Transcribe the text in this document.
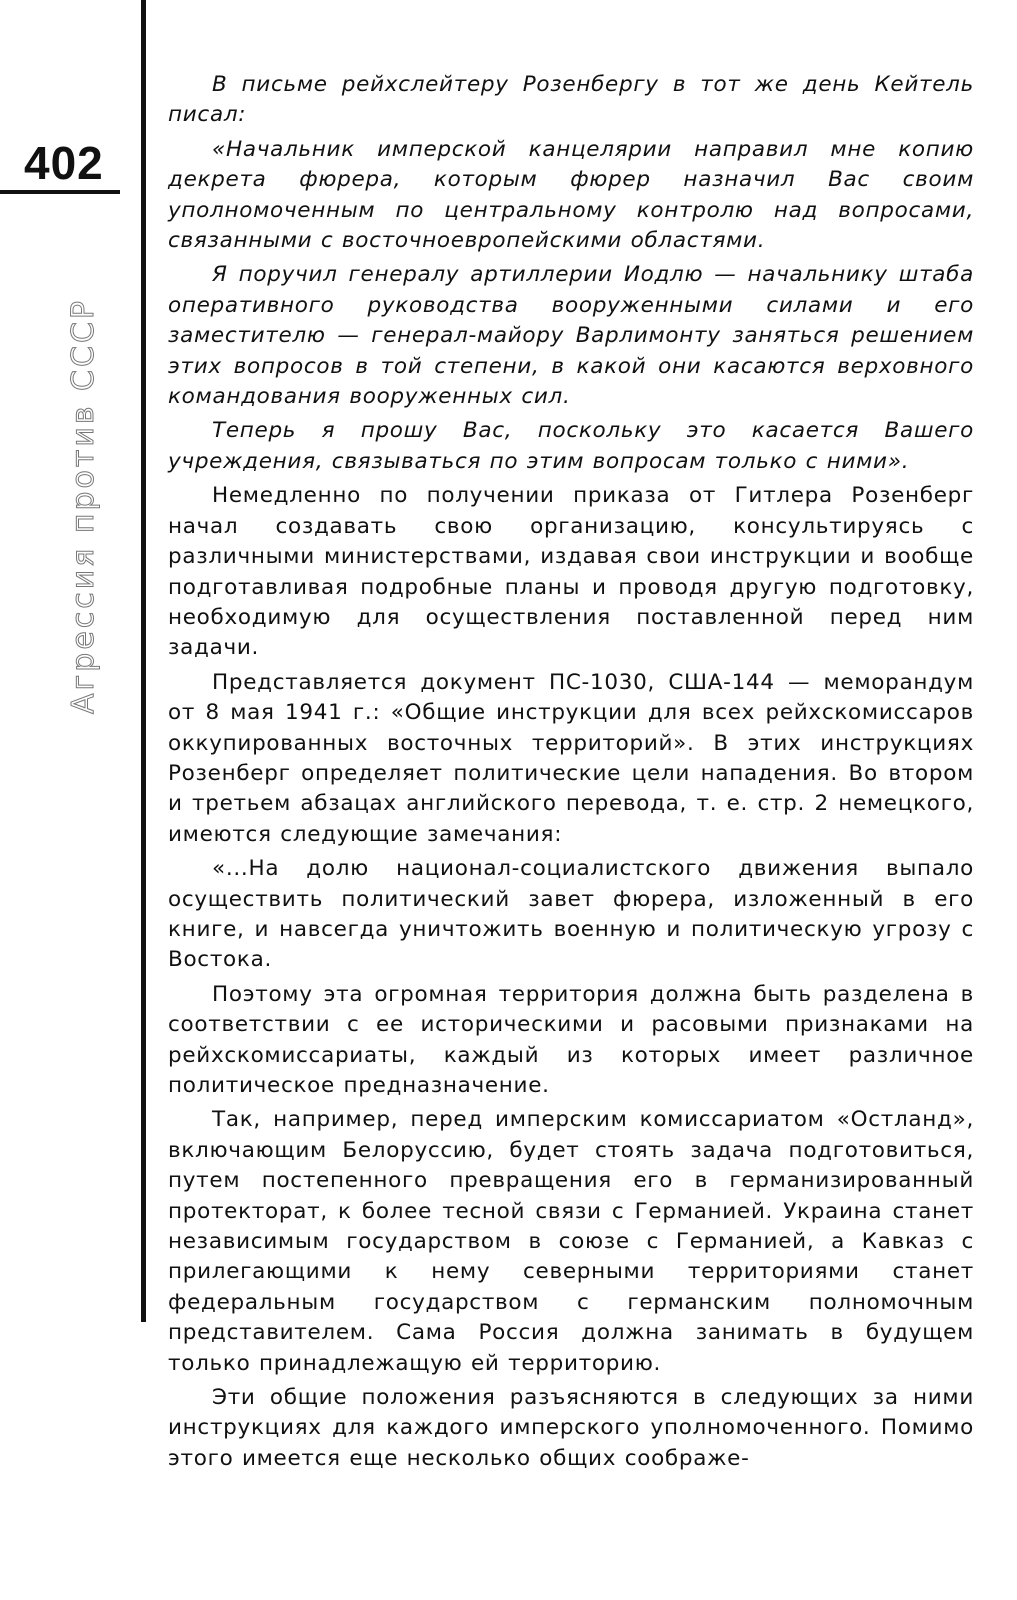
402
Агрессия против СССР

В письме рейхслейтеру Розенбергу в тот же день Кейтель писал:

«Начальник имперской канцелярии направил мне копию декрета фюрера, которым фюрер назначил Вас своим уполномоченным по центральному контролю над вопросами, связанными с восточноевропейскими областями.

Я поручил генералу артиллерии Иодлю — начальнику штаба оперативного руководства вооруженными силами и его заместителю — генерал-майору Варлимонту заняться решением этих вопросов в той степени, в какой они касаются верховного командования вооруженных сил.

Теперь я прошу Вас, поскольку это касается Вашего учреждения, связываться по этим вопросам только с ними».

Немедленно по получении приказа от Гитлера Розенберг начал создавать свою организацию, консультируясь с различными министерствами, издавая свои инструкции и вообще подготавливая подробные планы и проводя другую подготовку, необходимую для осуществления поставленной перед ним задачи.

Представляется документ ПС-1030, США-144 — меморандум от 8 мая 1941 г.: «Общие инструкции для всех рейхскомиссаров оккупированных восточных территорий». В этих инструкциях Розенберг определяет политические цели нападения. Во втором и третьем абзацах английского перевода, т. е. стр. 2 немецкого, имеются следующие замечания:

«...На долю национал-социалистского движения выпало осуществить политический завет фюрера, изложенный в его книге, и навсегда уничтожить военную и политическую угрозу с Востока.

Поэтому эта огромная территория должна быть разделена в соответствии с ее историческими и расовыми признаками на рейхскомиссариаты, каждый из которых имеет различное политическое предназначение.

Так, например, перед имперским комиссариатом «Остланд», включающим Белоруссию, будет стоять задача подготовиться, путем постепенного превращения его в германизированный протекторат, к более тесной связи с Германией. Украина станет независимым государством в союзе с Германией, а Кавказ с прилегающими к нему северными территориями станет федеральным государством с германским полномочным представителем. Сама Россия должна занимать в будущем только принадлежащую ей территорию.

Эти общие положения разъясняются в следующих за ними инструкциях для каждого имперского уполномоченного. Помимо этого имеется еще несколько общих соображе-
